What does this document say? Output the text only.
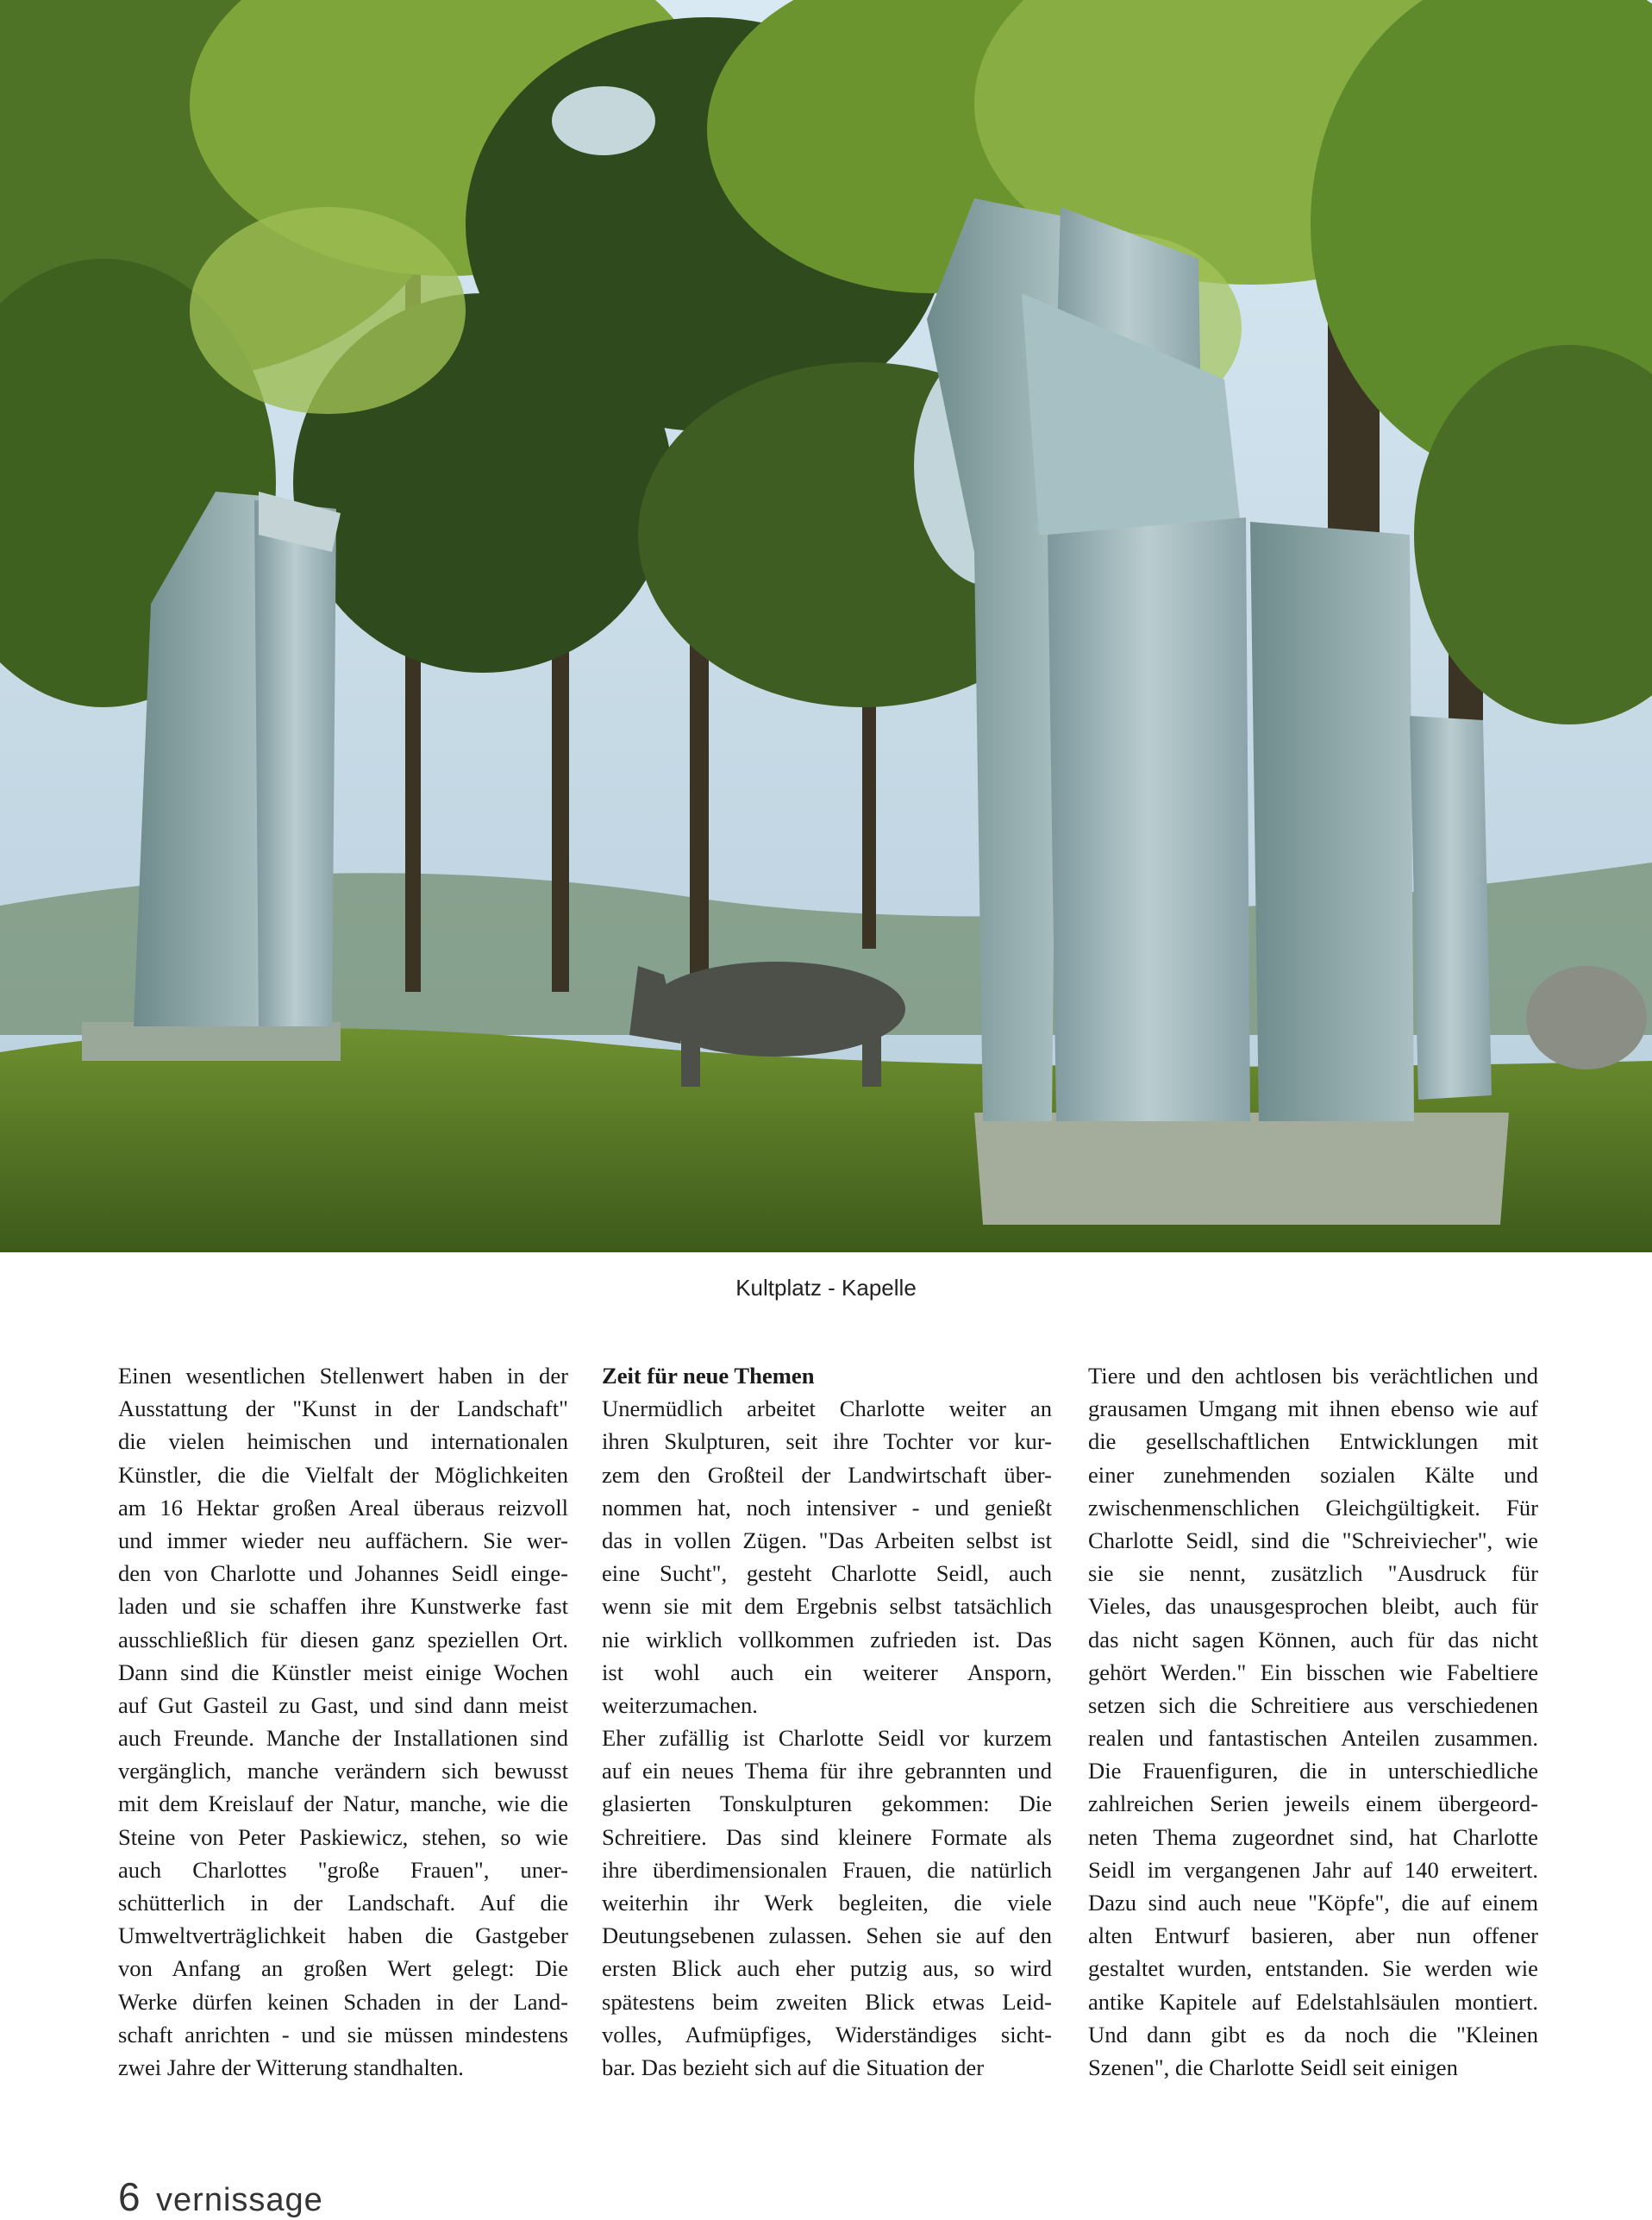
Kultplatz - Kapelle
Einen wesentlichen Stellenwert haben in der
Ausstattung der "Kunst in der Landschaft"
die vielen heimischen und internationalen
Künstler, die die Vielfalt der Möglichkeiten
am 16 Hektar großen Areal überaus reizvoll
und immer wieder neu auffächern. Sie wer-
den von Charlotte und Johannes Seidl einge-
laden und sie schaffen ihre Kunstwerke fast
ausschließlich für diesen ganz speziellen Ort.
Dann sind die Künstler meist einige Wochen
auf Gut Gasteil zu Gast, und sind dann meist
auch Freunde. Manche der Installationen sind
vergänglich, manche verändern sich bewusst
mit dem Kreislauf der Natur, manche, wie die
Steine von Peter Paskiewicz, stehen, so wie
auch Charlottes "große Frauen", uner-
schütterlich in der Landschaft. Auf die
Umweltverträglichkeit haben die Gastgeber
von Anfang an großen Wert gelegt: Die
Werke dürfen keinen Schaden in der Land-
schaft anrichten - und sie müssen mindestens
zwei Jahre der Witterung standhalten.
Zeit für neue Themen
Unermüdlich arbeitet Charlotte weiter an
ihren Skulpturen, seit ihre Tochter vor kur-
zem den Großteil der Landwirtschaft über-
nommen hat, noch intensiver - und genießt
das in vollen Zügen. "Das Arbeiten selbst ist
eine Sucht", gesteht Charlotte Seidl, auch
wenn sie mit dem Ergebnis selbst tatsächlich
nie wirklich vollkommen zufrieden ist. Das
ist wohl auch ein weiterer Ansporn,
weiterzumachen.
Eher zufällig ist Charlotte Seidl vor kurzem
auf ein neues Thema für ihre gebrannten und
glasierten Tonskulpturen gekommen: Die
Schreitiere. Das sind kleinere Formate als
ihre überdimensionalen Frauen, die natürlich
weiterhin ihr Werk begleiten, die viele
Deutungsebenen zulassen. Sehen sie auf den
ersten Blick auch eher putzig aus, so wird
spätestens beim zweiten Blick etwas Leid-
volles, Aufmüpfiges, Widerständiges sicht-
bar. Das bezieht sich auf die Situation der
Tiere und den achtlosen bis verächtlichen und
grausamen Umgang mit ihnen ebenso wie auf
die gesellschaftlichen Entwicklungen mit
einer zunehmenden sozialen Kälte und
zwischenmenschlichen Gleichgültigkeit. Für
Charlotte Seidl, sind die "Schreiviecher", wie
sie sie nennt, zusätzlich "Ausdruck für
Vieles, das unausgesprochen bleibt, auch für
das nicht sagen Können, auch für das nicht
gehört Werden." Ein bisschen wie Fabeltiere
setzen sich die Schreitiere aus verschiedenen
realen und fantastischen Anteilen zusammen.
Die Frauenfiguren, die in unterschiedliche
zahlreichen Serien jeweils einem übergeord-
neten Thema zugeordnet sind, hat Charlotte
Seidl im vergangenen Jahr auf 140 erweitert.
Dazu sind auch neue "Köpfe", die auf einem
alten Entwurf basieren, aber nun offener
gestaltet wurden, entstanden. Sie werden wie
antike Kapitele auf Edelstahlsäulen montiert.
Und dann gibt es da noch die "Kleinen
Szenen", die Charlotte Seidl seit einigen
6 vernissage
